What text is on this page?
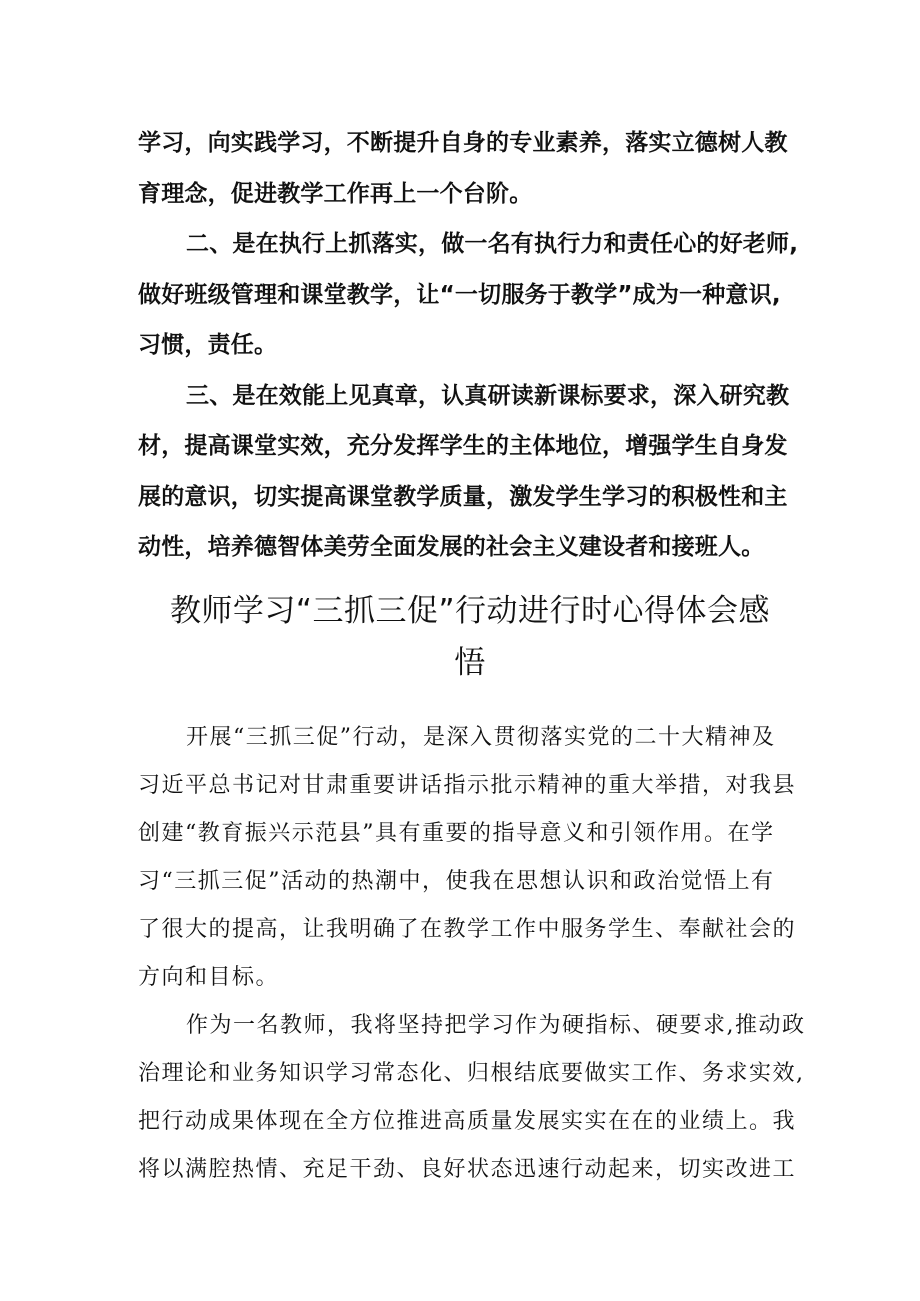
学习，向实践学习，不断提升自身的专业素养，落实立德树人教
育理念，促进教学工作再上一个台阶。

二、是在执行上抓落实，做一名有执行力和责任心的好老师,
做好班级管理和课堂教学，让“一切服务于教学”成为一种意识,
习惯，责任。

三、是在效能上见真章，认真研读新课标要求，深入研究教
材，提高课堂实效，充分发挥学生的主体地位，增强学生自身发
展的意识，切实提高课堂教学质量，激发学生学习的积极性和主
动性，培养德智体美劳全面发展的社会主义建设者和接班人。

教师学习“三抓三促”行动进行时心得体会感
悟

开展“三抓三促”行动，是深入贯彻落实党的二十大精神及
习近平总书记对甘肃重要讲话指示批示精神的重大举措，对我县
创建“教育振兴示范县”具有重要的指导意义和引领作用。在学
习“三抓三促”活动的热潮中，使我在思想认识和政治觉悟上有
了很大的提高，让我明确了在教学工作中服务学生、奉献社会的
方向和目标。

作为一名教师，我将坚持把学习作为硬指标、硬要求,推动政
治理论和业务知识学习常态化、归根结底要做实工作、务求实效,
把行动成果体现在全方位推进高质量发展实实在在的业绩上。我
将以满腔热情、充足干劲、良好状态迅速行动起来，切实改进工
